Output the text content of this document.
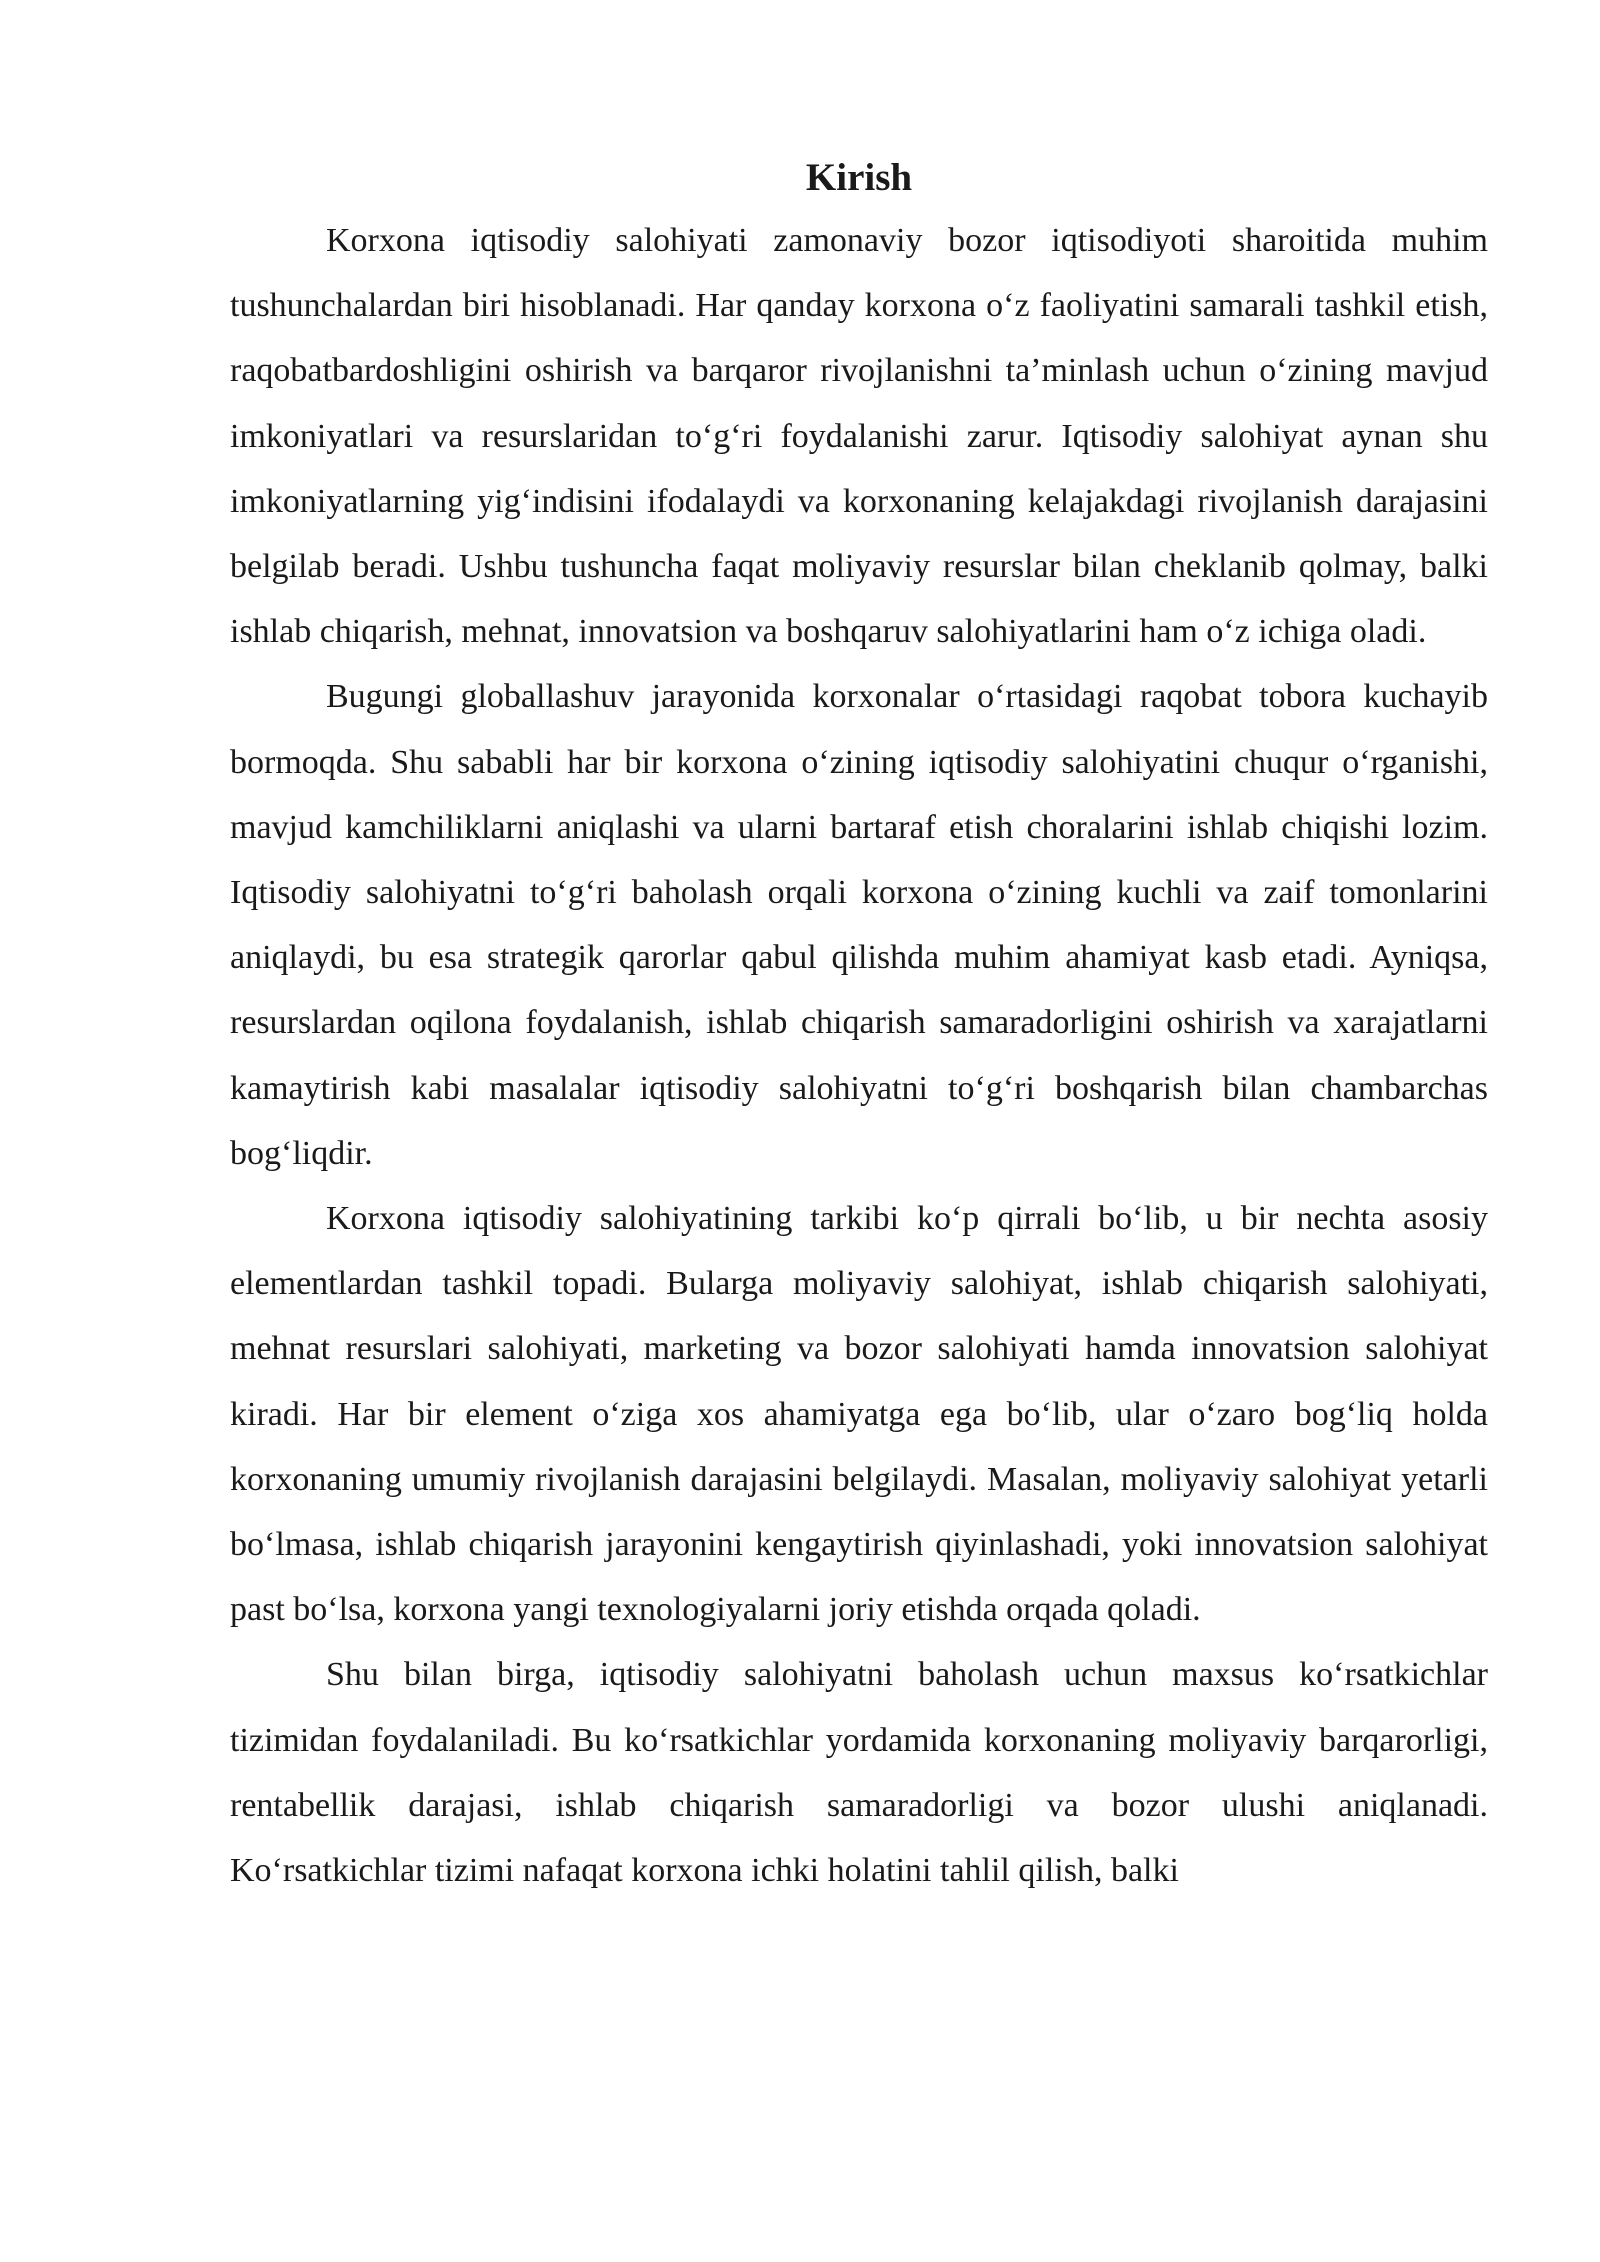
Kirish

Korxona iqtisodiy salohiyati zamonaviy bozor iqtisodiyoti sharoitida muhim tushunchalardan biri hisoblanadi. Har qanday korxona o‘z faoliyatini samarali tashkil etish, raqobatbardoshligini oshirish va barqaror rivojlanishni ta’minlash uchun o‘zining mavjud imkoniyatlari va resurslaridan to‘g‘ri foydalanishi zarur. Iqtisodiy salohiyat aynan shu imkoniyatlarning yig‘indisini ifodalaydi va korxonaning kelajakdagi rivojlanish darajasini belgilab beradi. Ushbu tushuncha faqat moliyaviy resurslar bilan cheklanib qolmay, balki ishlab chiqarish, mehnat, innovatsion va boshqaruv salohiyatlarini ham o‘z ichiga oladi.

Bugungi globallashuv jarayonida korxonalar o‘rtasidagi raqobat tobora kuchayib bormoqda. Shu sababli har bir korxona o‘zining iqtisodiy salohiyatini chuqur o‘rganishi, mavjud kamchiliklarni aniqlashi va ularni bartaraf etish choralarini ishlab chiqishi lozim. Iqtisodiy salohiyatni to‘g‘ri baholash orqali korxona o‘zining kuchli va zaif tomonlarini aniqlaydi, bu esa strategik qarorlar qabul qilishda muhim ahamiyat kasb etadi. Ayniqsa, resurslardan oqilona foydalanish, ishlab chiqarish samaradorligini oshirish va xarajatlarni kamaytirish kabi masalalar iqtisodiy salohiyatni to‘g‘ri boshqarish bilan chambarchas bog‘liqdir.

Korxona iqtisodiy salohiyatining tarkibi ko‘p qirrali bo‘lib, u bir nechta asosiy elementlardan tashkil topadi. Bularga moliyaviy salohiyat, ishlab chiqarish salohiyati, mehnat resurslari salohiyati, marketing va bozor salohiyati hamda innovatsion salohiyat kiradi. Har bir element o‘ziga xos ahamiyatga ega bo‘lib, ular o‘zaro bog‘liq holda korxonaning umumiy rivojlanish darajasini belgilaydi. Masalan, moliyaviy salohiyat yetarli bo‘lmasa, ishlab chiqarish jarayonini kengaytirish qiyinlashadi, yoki innovatsion salohiyat past bo‘lsa, korxona yangi texnologiyalarni joriy etishda orqada qoladi.

Shu bilan birga, iqtisodiy salohiyatni baholash uchun maxsus ko‘rsatkichlar tizimidan foydalaniladi. Bu ko‘rsatkichlar yordamida korxonaning moliyaviy barqarorligi, rentabellik darajasi, ishlab chiqarish samaradorligi va bozor ulushi aniqlanadi. Ko‘rsatkichlar tizimi nafaqat korxona ichki holatini tahlil qilish, balki
